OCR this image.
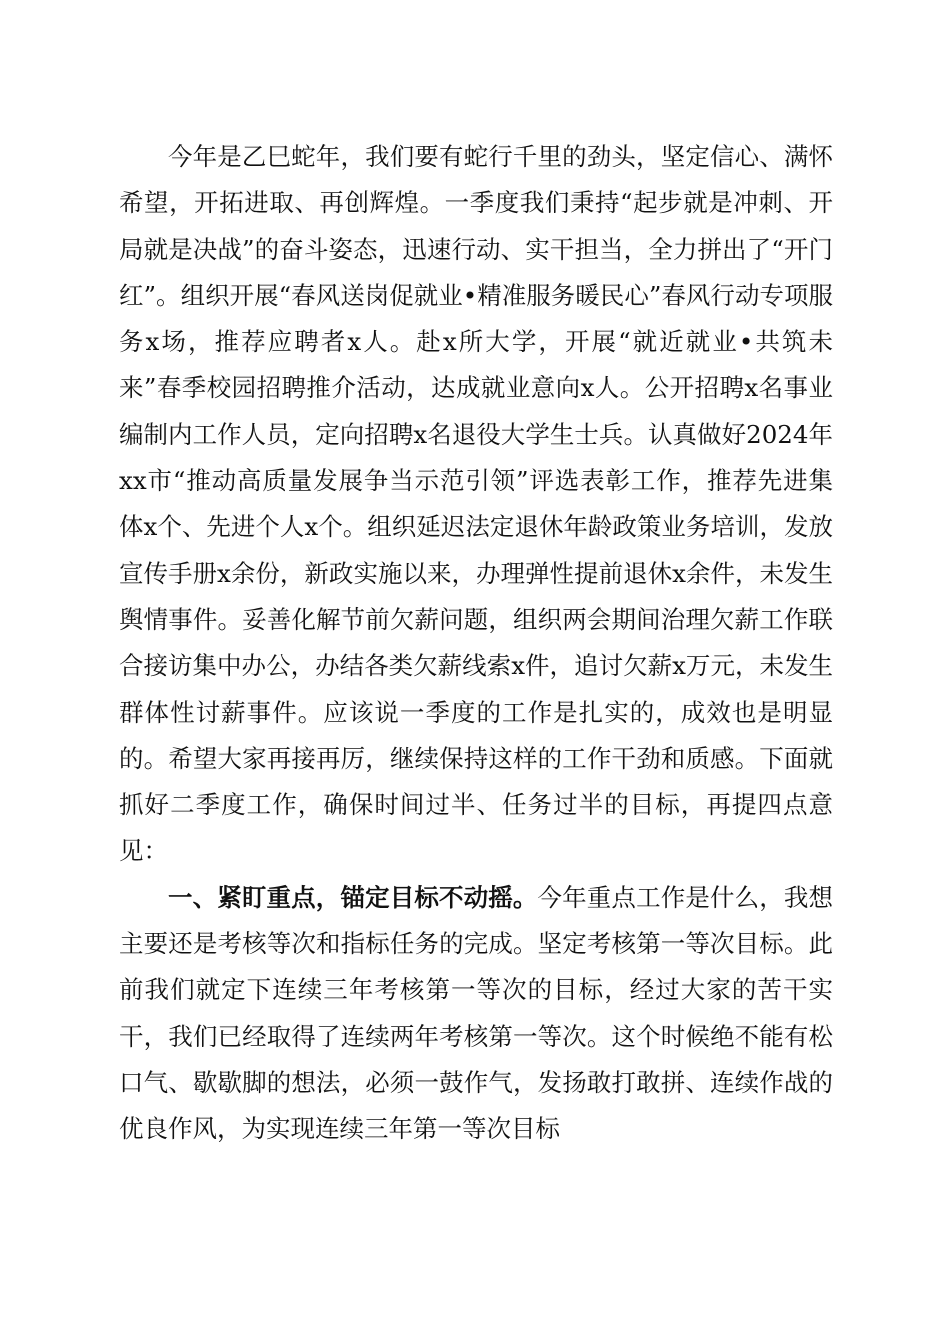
今年是乙巳蛇年，我们要有蛇行千里的劲头，坚定信心、满怀希望，开拓进取、再创辉煌。一季度我们秉持“起步就是冲刺、开局就是决战”的奋斗姿态，迅速行动、实干担当，全力拼出了“开门红”。组织开展“春风送岗促就业•精准服务暖民心”春风行动专项服务x场，推荐应聘者x人。赴x所大学，开展“就近就业•共筑未来”春季校园招聘推介活动，达成就业意向x人。公开招聘x名事业编制内工作人员，定向招聘x名退役大学生士兵。认真做好2024年xx市“推动高质量发展争当示范引领”评选表彰工作，推荐先进集体x个、先进个人x个。组织延迟法定退休年龄政策业务培训，发放宣传手册x余份，新政实施以来，办理弹性提前退休x余件，未发生舆情事件。妥善化解节前欠薪问题，组织两会期间治理欠薪工作联合接访集中办公，办结各类欠薪线索x件，追讨欠薪x万元，未发生群体性讨薪事件。应该说一季度的工作是扎实的，成效也是明显的。希望大家再接再厉，继续保持这样的工作干劲和质感。下面就抓好二季度工作，确保时间过半、任务过半的目标，再提四点意见：

一、紧盯重点，锚定目标不动摇。今年重点工作是什么，我想主要还是考核等次和指标任务的完成。坚定考核第一等次目标。此前我们就定下连续三年考核第一等次的目标，经过大家的苦干实干，我们已经取得了连续两年考核第一等次。这个时候绝不能有松口气、歇歇脚的想法，必须一鼓作气，发扬敢打敢拼、连续作战的优良作风，为实现连续三年第一等次目标
